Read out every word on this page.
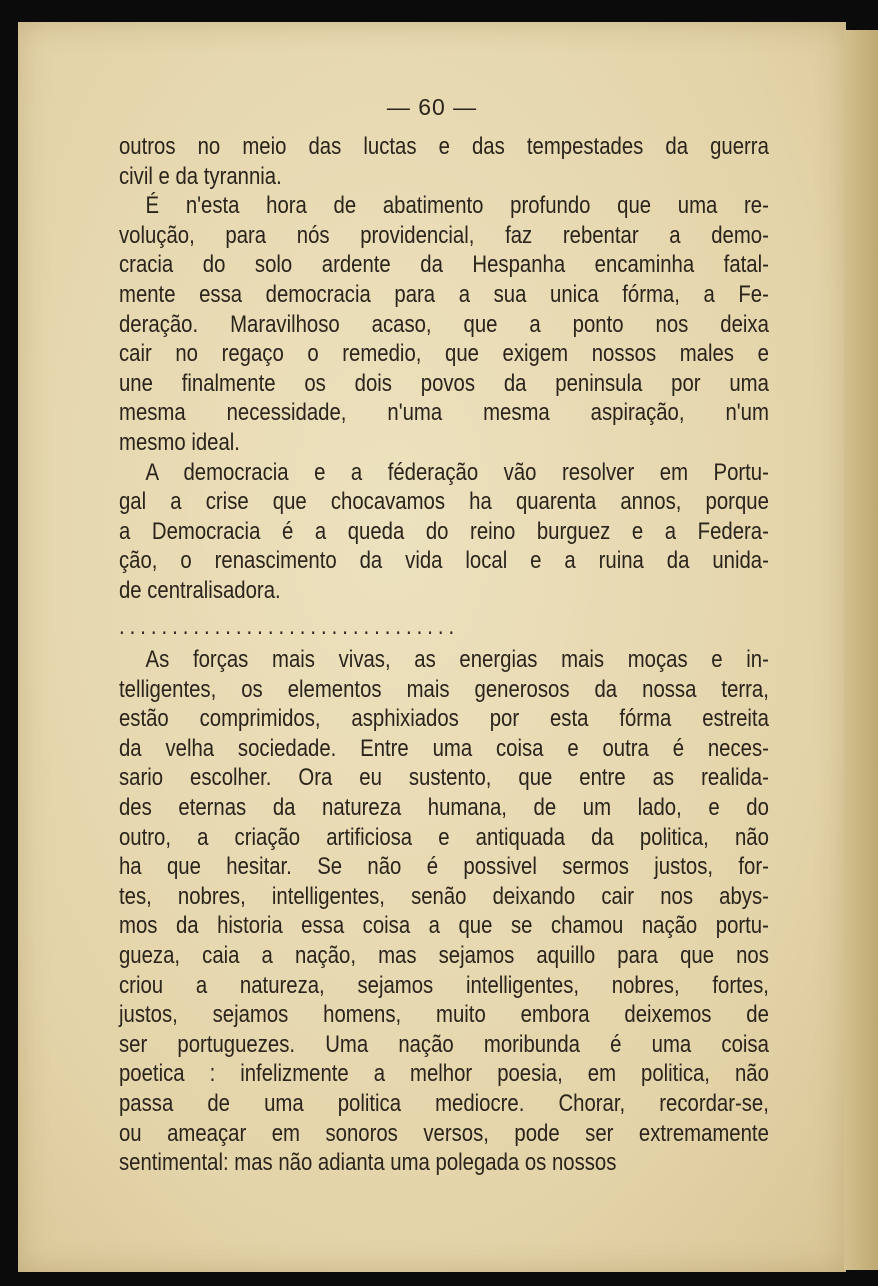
— 60 —
outros no meio das luctas e das tempestades da guerra
civil e da tyrannia.
É n'esta hora de abatimento profundo que uma re-
volução, para nós providencial, faz rebentar a demo-
cracia do solo ardente da Hespanha encaminha fatal-
mente essa democracia para a sua unica fórma, a Fe-
deração. Maravilhoso acaso, que a ponto nos deixa
cair no regaço o remedio, que exigem nossos males e
une finalmente os dois povos da peninsula por uma
mesma necessidade, n'uma mesma aspiração, n'um
mesmo ideal.
A democracia e a féderação vão resolver em Portu-
gal a crise que chocavamos ha quarenta annos, porque
a Democracia é a queda do reino burguez e a Federa-
ção, o renascimento da vida local e a ruina da unida-
de centralisadora.
................................
As forças mais vivas, as energias mais moças e in-
telligentes, os elementos mais generosos da nossa terra,
estão comprimidos, asphixiados por esta fórma estreita
da velha sociedade. Entre uma coisa e outra é neces-
sario escolher. Ora eu sustento, que entre as realida-
des eternas da natureza humana, de um lado, e do
outro, a criação artificiosa e antiquada da politica, não
ha que hesitar. Se não é possivel sermos justos, for-
tes, nobres, intelligentes, senão deixando cair nos abys-
mos da historia essa coisa a que se chamou nação portu-
gueza, caia a nação, mas sejamos aquillo para que nos
criou a natureza, sejamos intelligentes, nobres, fortes,
justos, sejamos homens, muito embora deixemos de
ser portuguezes. Uma nação moribunda é uma coisa
poetica : infelizmente a melhor poesia, em politica, não
passa de uma politica mediocre. Chorar, recordar-se,
ou ameaçar em sonoros versos, pode ser extremamente
sentimental: mas não adianta uma polegada os nossos
